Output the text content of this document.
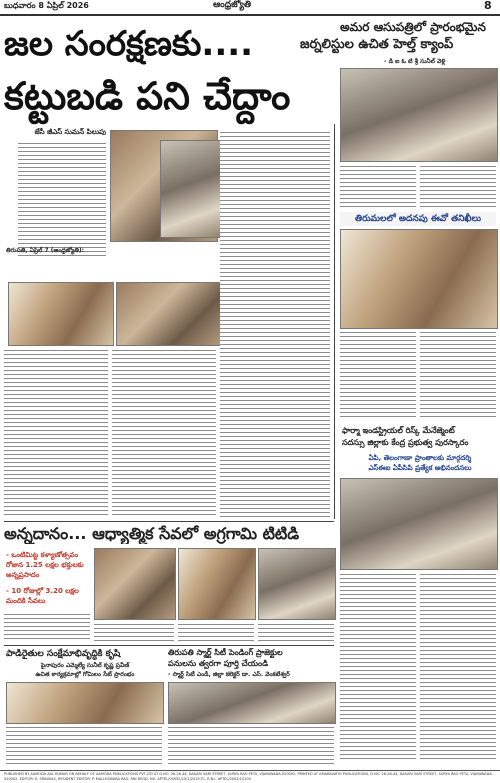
బుధవారం 8 ఏప్రిల్ 2026	ఆంధ్రజ్యోతి	8
జల సంరక్షణకు....
కట్టుబడి పని చేద్దాం
జేసీ జీఎస్ సుమన్ పిలుపు
తిరుపతి, ఏప్రిల్ 7 (ఆంధ్రజ్యోతి):
అమర ఆసుపత్రిలో ప్రారంభమైన
జర్నలిస్టుల ఉచిత హెల్త్ క్యాంప్
- డి ఐ ఓ టి శ్రీ సునీల్ వెళ్లి
తిరుమలలో అదనపు ఈవో తనిఖీలు
ఫార్మా ఇండస్ట్రియల్ రిస్క్ మేనేజ్మెంట్
సదస్సు జిల్లాకు కేంద్ర ప్రభుత్వ పురస్కారం
ఏపి, తెలంగాణా ప్రాంతాలకు మార్గదర్శి
ఎస్‌ఈఐ ఏపీసిపి ప్రత్యేక అభినందనలు
అన్నదానం... ఆధ్యాత్మిక సేవలో అగ్రగామి టిటిడి
- ఒంటిమిట్ట కళ్యాణోత్సవం రోజున 1.25 లక్షల భక్తులకు అన్నప్రసాదం
- 10 రోజుల్లో 3.20 లక్షల మందికి సేవలు
పాడిరైతుల సంక్షేమాభివృద్ధికి కృషి
పైనాపురం ఎమ్మెల్యే సునీల్ కృష్ణ ప్రవీణ్
ఉచిత కార్యక్రమాల్లో గోమిలం సేట్ ప్రారంభం
తిరుపతి స్మార్ట్ సిటీ పెండింగ్ ప్రాజెక్టుల
పనులను త్వరగా పూర్తి చేయండి
- స్మార్ట్ సిటీ ఎండీ, జిల్లా కలెక్టర్ డా. ఎస్. వెంకటేశ్వర్
PUBLISHED BY AAMODA AAL KUMAR ON BEHALF OF AAMODA PUBLICATIONS PVT.LTD AT D NO. 26-26-44, DASARI VARI STREET, SURYA RAO PETA, VIJAYAWADA-520002. PRINTED AT AMARAVATHI PUBLICATIONS, D.NO. 26-26-44, DASARI VARI STREET, SURYA RAO PETA, VIJAYAWADA-520002. EDITOR: K. SRINIVAS, RESIDENT EDITOR: P. MALLESWARA RAO. RNI REGD. NO. APTEL/00052/15/1/2019-TC. R.N.I. APTEL/2002/10100
